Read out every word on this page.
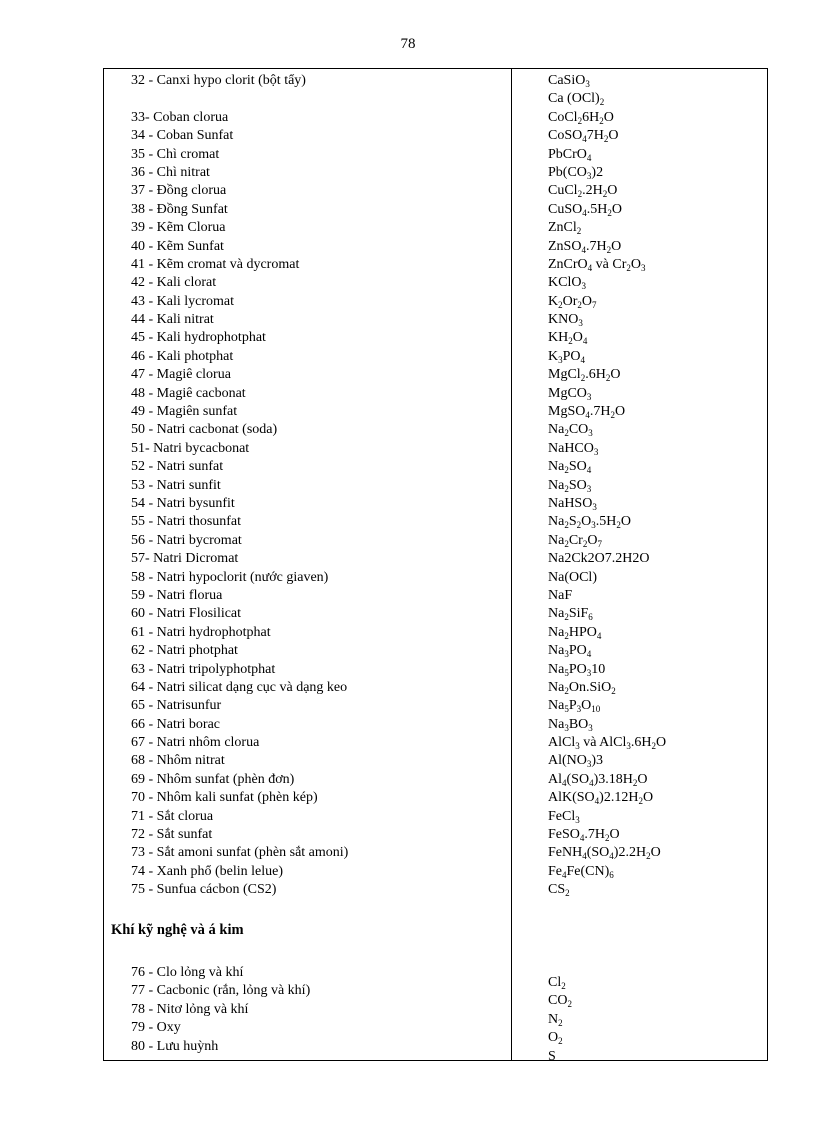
78
32 - Canxi hypo clorit (bột tẩy)
33- Coban clorua
34 - Coban Sunfat
35 - Chì cromat
36 - Chì nitrat
37 - Đồng clorua
38 - Đồng Sunfat
39 - Kẽm Clorua
40 - Kẽm Sunfat
41 - Kẽm cromat và dycromat
42 - Kali clorat
43 - Kali lycromat
44 - Kali nitrat
45 - Kali hydrophotphat
46 - Kali photphat
47 - Magiê clorua
48 - Magiê cacbonat
49 - Magiên sunfat
50 - Natri cacbonat (soda)
51- Natri bycacbonat
52 - Natri sunfat
53 - Natri sunfit
54 - Natri bysunfit
55 - Natri thosunfat
56 - Natri bycromat
57- Natri Dicromat
58 - Natri hypoclorit (nước giaven)
59 - Natri florua
60 - Natri Flosilicat
61 - Natri hydrophotphat
62 - Natri photphat
63 - Natri tripolyphotphat
64 - Natri silicat dạng cục và dạng keo
65 - Natrisunfur
66 - Natri borac
67 - Natri nhôm clorua
68 - Nhôm nitrat
69 - Nhôm sunfat (phèn đơn)
70 - Nhôm kali sunfat (phèn kép)
71 - Sắt clorua
72 - Sắt sunfat
73 - Sắt amoni sunfat (phèn sắt amoni)
74 - Xanh phổ (belin lelue)
75 - Sunfua cácbon (CS2)
CaSiO$_3$
Ca $(OCl)_2$
$CoCl_26H_2O$
$CoSO_47H_2O$
PbCrO$_4$
$Pb(CO_3)2$
$CuCl_2.2H_2O$
$CuSO_4.5H_2O$
ZnCl$_2$
$ZnSO_4.7H_2O$
ZnCrO$_4$ và $Cr_2O_3$
KClO$_3$
$K_2Or_2O_7$
$KNO_3$
$KH_2O_4$
$K_3PO_4$
$MgCl_2.6H_2O$
MgCO$_3$
$MgSO_4.7H_2O$
$Na_2CO_3$
NaHCO$_3$
$Na_2SO_4$
$Na_2SO_3$
NaHSO$_3$
$Na_2S_2O_3.5H_2O$
$Na_2Cr_2O_7$
Na2Ck2O7.2H2O
Na(OCl)
NaF
$Na_2SiF_6$
$Na_2HPO_4$
$Na_3PO_4$
$Na_5PO_310$
$Na_2On.SiO_2$
$Na_5P_3O_{10}$
$Na_3BO_3$
AlCl$_3$ và $AlCl_3.6H_2O$
$Al(NO_3)3$
$Al_4(SO_4)3.18H_2O$
$AlK(SO_4)2.12H_2O$
FeCl$_3$
$FeSO_4.7H_2O$
$FeNH_4(SO_4)2.2H_2O$
$Fe_4Fe(CN)_6$
$CS_2$
Khí kỹ nghệ và á kim
76 - Clo lỏng và khí
77 - Cacbonic (rắn, lỏng và khí)
78 - Nitơ lỏng và khí
79 - Oxy
80 - Lưu huỳnh
$Cl_2$
$CO_2$
$N_2$
$O_2$
S
